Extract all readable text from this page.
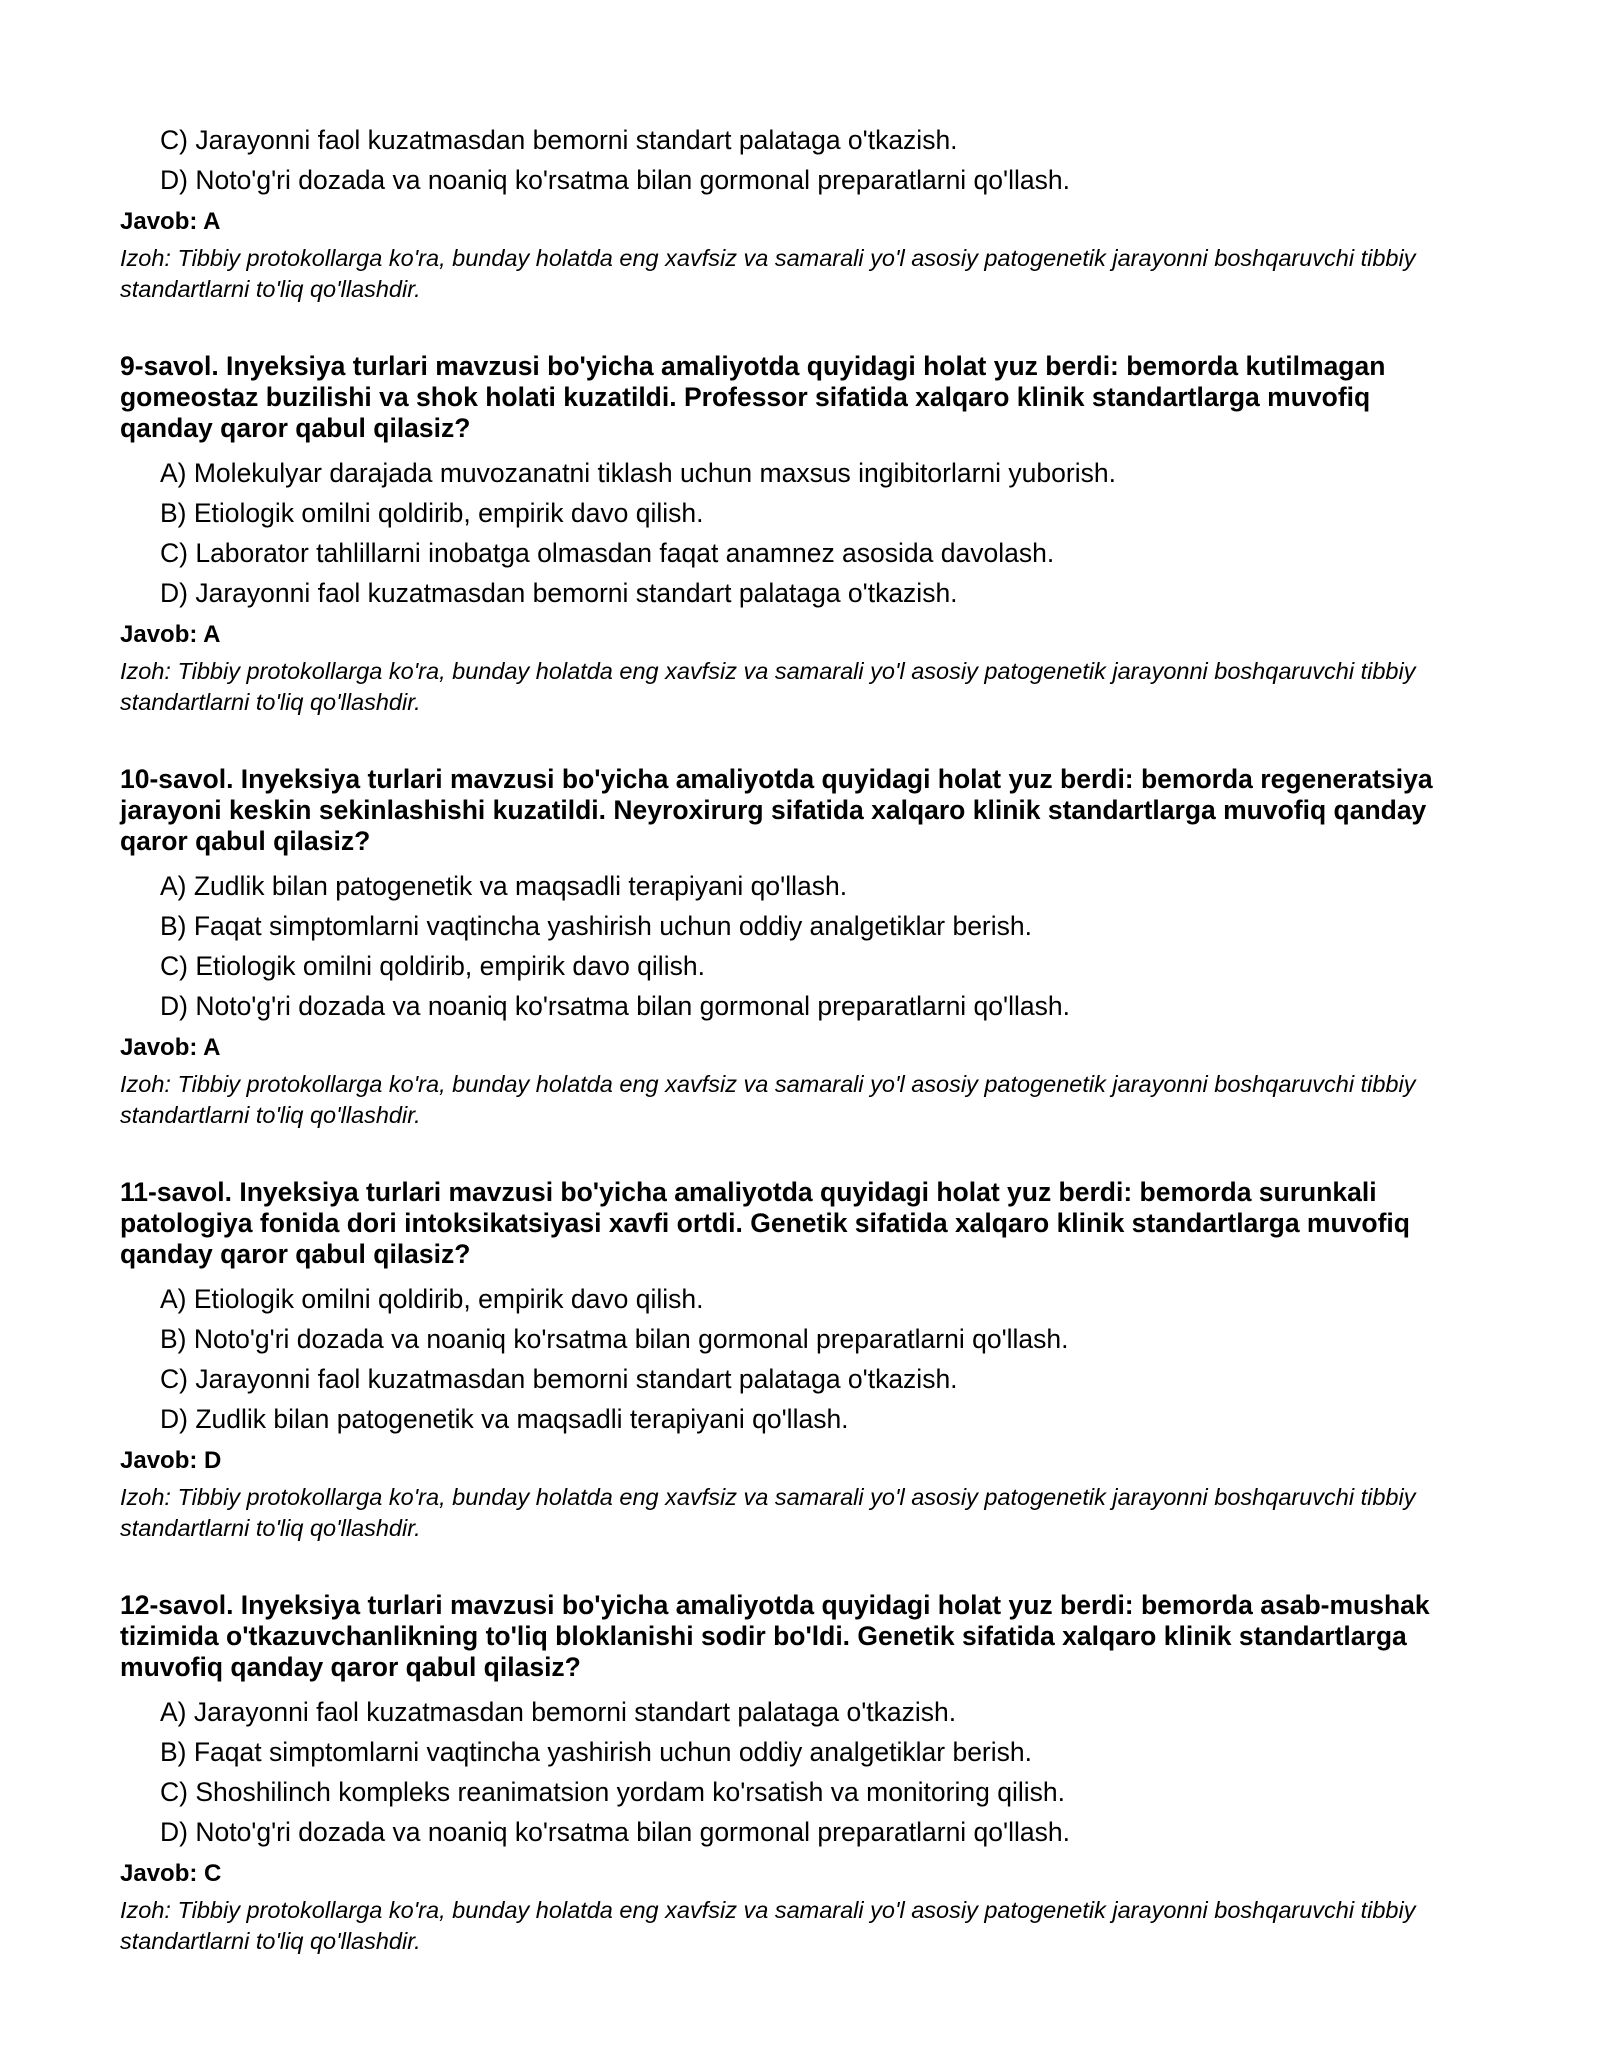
C) Jarayonni faol kuzatmasdan bemorni standart palataga o'tkazish.
D) Noto'g'ri dozada va noaniq ko'rsatma bilan gormonal preparatlarni qo'llash.
Javob: A
Izoh: Tibbiy protokollarga ko'ra, bunday holatda eng xavfsiz va samarali yo'l asosiy patogenetik jarayonni boshqaruvchi tibbiy standartlarni to'liq qo'llashdir.
9-savol. Inyeksiya turlari mavzusi bo'yicha amaliyotda quyidagi holat yuz berdi: bemorda kutilmagan gomeostaz buzilishi va shok holati kuzatildi. Professor sifatida xalqaro klinik standartlarga muvofiq qanday qaror qabul qilasiz?
A) Molekulyar darajada muvozanatni tiklash uchun maxsus ingibitorlarni yuborish.
B) Etiologik omilni qoldirib, empirik davo qilish.
C) Laborator tahlillarni inobatga olmasdan faqat anamnez asosida davolash.
D) Jarayonni faol kuzatmasdan bemorni standart palataga o'tkazish.
Javob: A
Izoh: Tibbiy protokollarga ko'ra, bunday holatda eng xavfsiz va samarali yo'l asosiy patogenetik jarayonni boshqaruvchi tibbiy standartlarni to'liq qo'llashdir.
10-savol. Inyeksiya turlari mavzusi bo'yicha amaliyotda quyidagi holat yuz berdi: bemorda regeneratsiya jarayoni keskin sekinlashishi kuzatildi. Neyroxirurg sifatida xalqaro klinik standartlarga muvofiq qanday qaror qabul qilasiz?
A) Zudlik bilan patogenetik va maqsadli terapiyani qo'llash.
B) Faqat simptomlarni vaqtincha yashirish uchun oddiy analgetiklar berish.
C) Etiologik omilni qoldirib, empirik davo qilish.
D) Noto'g'ri dozada va noaniq ko'rsatma bilan gormonal preparatlarni qo'llash.
Javob: A
Izoh: Tibbiy protokollarga ko'ra, bunday holatda eng xavfsiz va samarali yo'l asosiy patogenetik jarayonni boshqaruvchi tibbiy standartlarni to'liq qo'llashdir.
11-savol. Inyeksiya turlari mavzusi bo'yicha amaliyotda quyidagi holat yuz berdi: bemorda surunkali patologiya fonida dori intoksikatsiyasi xavfi ortdi. Genetik sifatida xalqaro klinik standartlarga muvofiq qanday qaror qabul qilasiz?
A) Etiologik omilni qoldirib, empirik davo qilish.
B) Noto'g'ri dozada va noaniq ko'rsatma bilan gormonal preparatlarni qo'llash.
C) Jarayonni faol kuzatmasdan bemorni standart palataga o'tkazish.
D) Zudlik bilan patogenetik va maqsadli terapiyani qo'llash.
Javob: D
Izoh: Tibbiy protokollarga ko'ra, bunday holatda eng xavfsiz va samarali yo'l asosiy patogenetik jarayonni boshqaruvchi tibbiy standartlarni to'liq qo'llashdir.
12-savol. Inyeksiya turlari mavzusi bo'yicha amaliyotda quyidagi holat yuz berdi: bemorda asab-mushak tizimida o'tkazuvchanlikning to'liq bloklanishi sodir bo'ldi. Genetik sifatida xalqaro klinik standartlarga muvofiq qanday qaror qabul qilasiz?
A) Jarayonni faol kuzatmasdan bemorni standart palataga o'tkazish.
B) Faqat simptomlarni vaqtincha yashirish uchun oddiy analgetiklar berish.
C) Shoshilinch kompleks reanimatsion yordam ko'rsatish va monitoring qilish.
D) Noto'g'ri dozada va noaniq ko'rsatma bilan gormonal preparatlarni qo'llash.
Javob: C
Izoh: Tibbiy protokollarga ko'ra, bunday holatda eng xavfsiz va samarali yo'l asosiy patogenetik jarayonni boshqaruvchi tibbiy standartlarni to'liq qo'llashdir.
